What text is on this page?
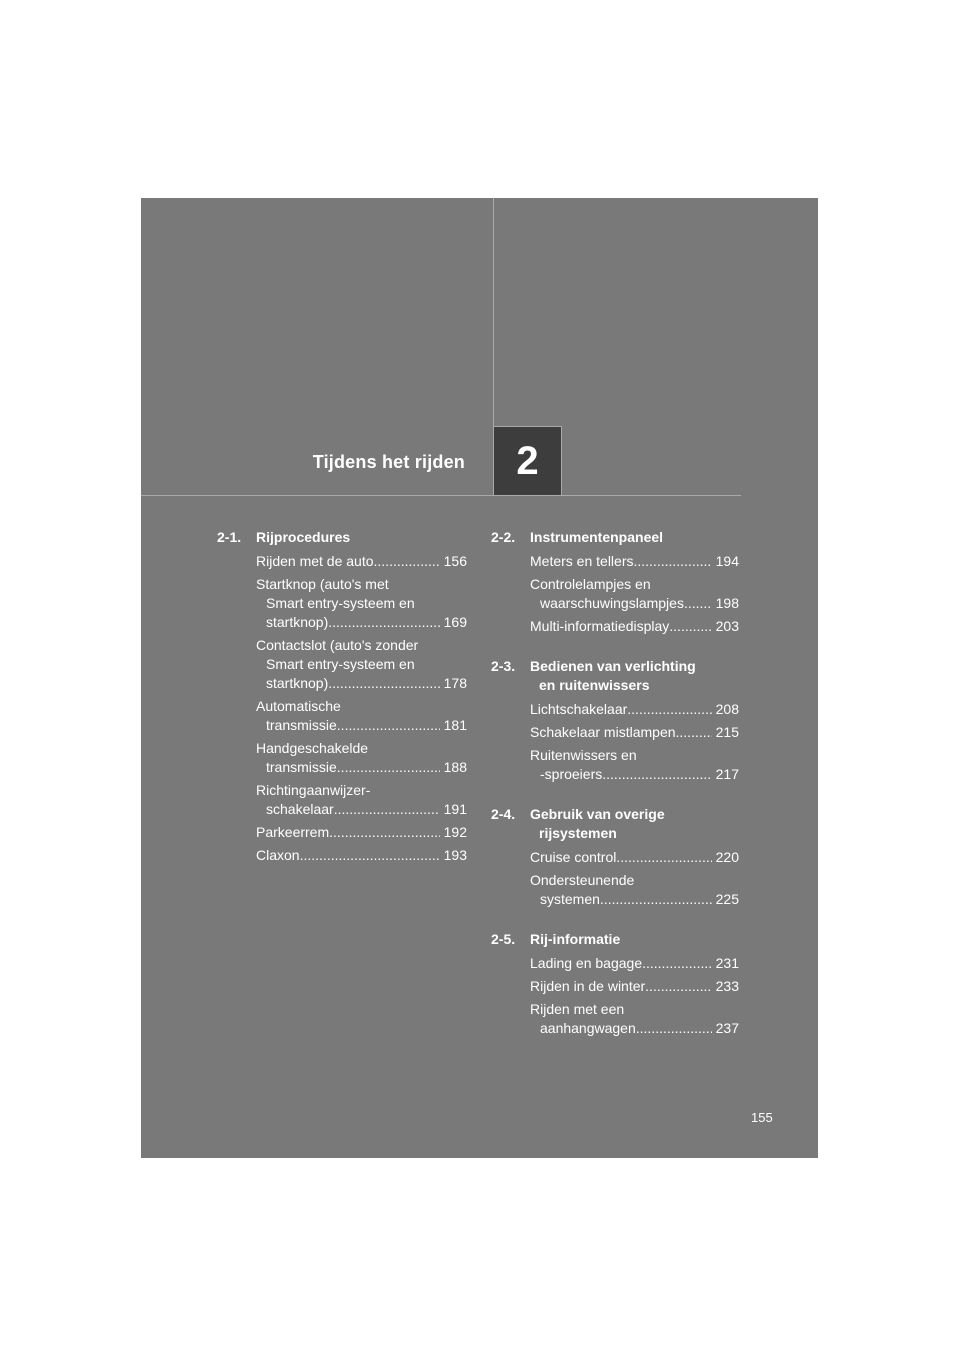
Tijdens het rijden 2
2-1.	Rijprocedures
Rijden met de auto .....	156
Startknop (auto's met
Smart entry-systeem en
startknop) .....	169
Contactslot (auto's zonder
Smart entry-systeem en
startknop) .....	178
Automatische
transmissie .....	181
Handgeschakelde
transmissie .....	188
Richtingaanwijzer-
schakelaar .....	191
Parkeerrem .....	192
Claxon .....	193
2-2.	Instrumentenpaneel
Meters en tellers .....	194
Controlelampjes en
waarschuwingslampjes ..... 198
Multi-informatiedisplay .....	203
2-3.	Bedienen van verlichting
en ruitenwissers
Lichtschakelaar .....	208
Schakelaar mistlampen .....	215
Ruitenwissers en
-sproeiers .....	217
2-4.	Gebruik van overige
rijsystemen
Cruise control .....	220
Ondersteunende
systemen .....	225
2-5.	Rij-informatie
Lading en bagage .....	231
Rijden in de winter .....	233
Rijden met een
aanhangwagen .....	237
155
